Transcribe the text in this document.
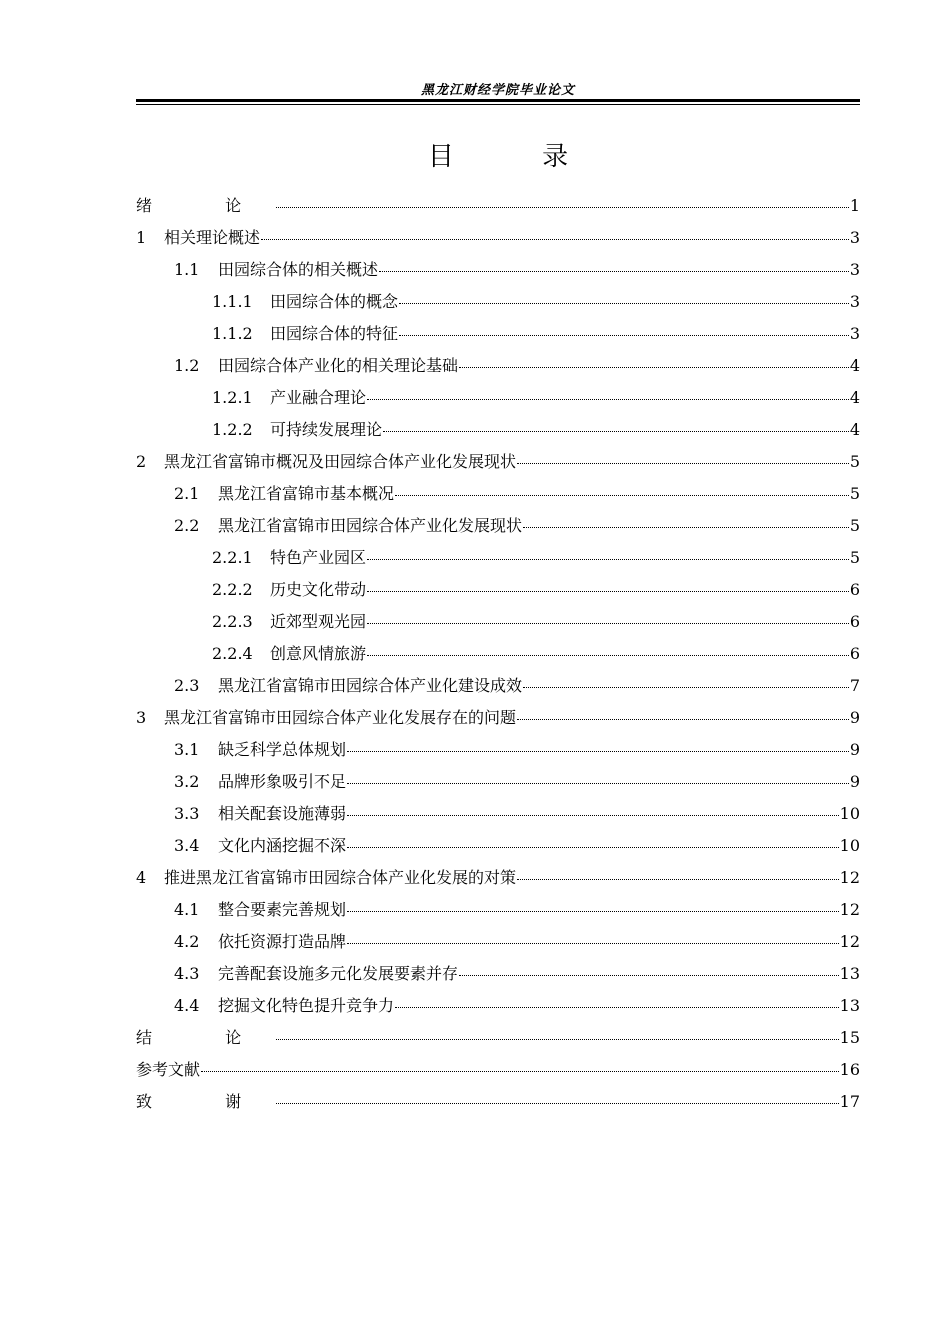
黑龙江财经学院毕业论文
目 录
绪 论	1
1	相关理论概述	3
1.1	田园综合体的相关概述	3
1.1.1	田园综合体的概念	3
1.1.2	田园综合体的特征	3
1.2	田园综合体产业化的相关理论基础	4
1.2.1	产业融合理论	4
1.2.2	可持续发展理论	4
2	黑龙江省富锦市概况及田园综合体产业化发展现状	5
2.1	黑龙江省富锦市基本概况	5
2.2	黑龙江省富锦市田园综合体产业化发展现状	5
2.2.1	特色产业园区	5
2.2.2	历史文化带动	6
2.2.3	近郊型观光园	6
2.2.4	创意风情旅游	6
2.3	黑龙江省富锦市田园综合体产业化建设成效	7
3	黑龙江省富锦市田园综合体产业化发展存在的问题	9
3.1	缺乏科学总体规划	9
3.2	品牌形象吸引不足	9
3.3	相关配套设施薄弱	10
3.4	文化内涵挖掘不深	10
4	推进黑龙江省富锦市田园综合体产业化发展的对策	12
4.1	整合要素完善规划	12
4.2	依托资源打造品牌	12
4.3	完善配套设施多元化发展要素并存	13
4.4	挖掘文化特色提升竞争力	13
结 论	15
参考文献	16
致 谢	17
